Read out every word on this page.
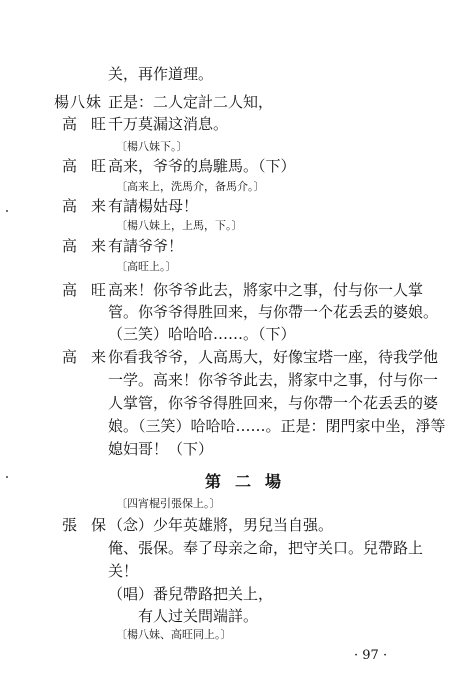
关，再作道理。
楊八妹 正是：二人定計二人知，
高旺
千万莫漏这消息。
〔楊八妹下。〕
高旺
高来，爷爷的鳥騅馬。（下）
〔高来上，洗馬介，备馬介。〕
高来
有請楊姑母！
〔楊八妹上，上馬，下。〕
高来
有請爷爷！
〔高旺上。〕
高旺
高来！你爷爷此去，將家中之事，付与你一人掌
管。你爷爷得胜回来，与你帶一个花丢丢的婆娘。
（三笑）哈哈哈……。（下）
高来
你看我爷爷，人高馬大，好像宝塔一座，待我学他
一学。高来！你爷爷此去，將家中之事，付与你一
人掌管，你爷爷得胜回来，与你帶一个花丢丢的婆
娘。（三笑）哈哈哈……。正是：閉門家中坐，淨等
媳妇哥！（下）
第二場
〔四宵棍引張保上。〕
張保
（念）少年英雄將，男兒当自强。
俺、張保。奉了母亲之命，把守关口。兒帶路上
关！
（唱）番兒帶路把关上，
有人过关問端詳。
〔楊八妹、高旺同上。〕
· 97 ·
